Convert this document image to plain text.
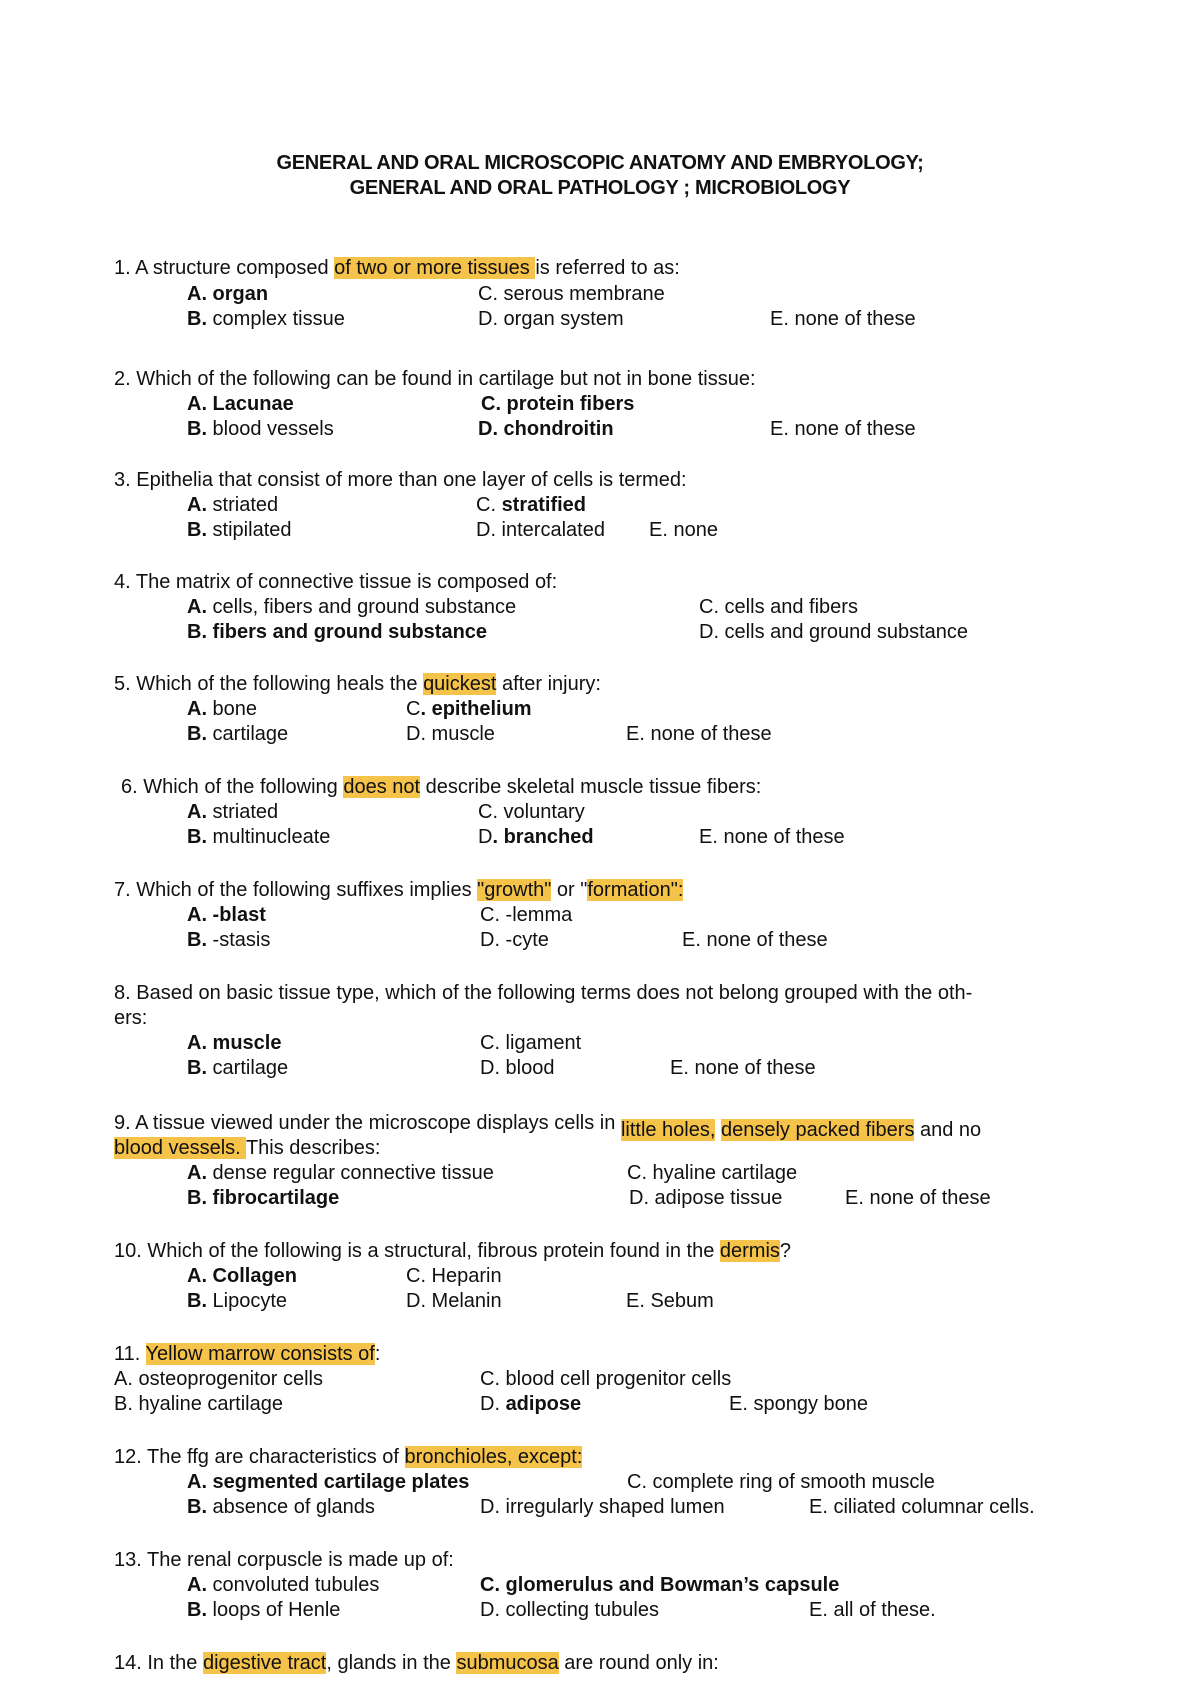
GENERAL AND ORAL MICROSCOPIC ANATOMY AND EMBRYOLOGY;
GENERAL AND ORAL PATHOLOGY ; MICROBIOLOGY
1. A structure composed of two or more tissues is referred to as:
A. organ	C. serous membrane
B. complex tissue	D. organ system	E. none of these
2. Which of the following can be found in cartilage but not in bone tissue:
A. Lacunae	C. protein fibers
B. blood vessels	D. chondroitin	E. none of these
3. Epithelia that consist of more than one layer of cells is termed:
A. striated	C. stratified
B. stipilated	D. intercalated E. none
4. The matrix of connective tissue is composed of:
A. cells, fibers and ground substance	C. cells and fibers
B. fibers and ground substance	D. cells and ground substance
5. Which of the following heals the quickest after injury:
A. bone	C. epithelium
B. cartilage	D. muscle	E. none of these
6. Which of the following does not describe skeletal muscle tissue fibers:
A. striated	C. voluntary
B. multinucleate	D. branched	E. none of these
7. Which of the following suffixes implies "growth" or "formation":
A. -blast	C. -lemma
B. -stasis	D. -cyte	E. none of these
8. Based on basic tissue type, which of the following terms does not belong grouped with the oth-
ers:
A. muscle	C. ligament
B. cartilage	D. blood	E. none of these
9. A tissue viewed under the microscope displays cells in little holes, densely packed fibers and no
blood vessels. This describes:
A. dense regular connective tissue	C. hyaline cartilage
B. fibrocartilage	D. adipose tissue	E. none of these
10. Which of the following is a structural, fibrous protein found in the dermis?
A. Collagen	C. Heparin
B. Lipocyte	D. Melanin	E. Sebum
11. Yellow marrow consists of:
A. osteoprogenitor cells	C. blood cell progenitor cells
B. hyaline cartilage	D. adipose	E. spongy bone
12. The ffg are characteristics of bronchioles, except:
A. segmented cartilage plates	C. complete ring of smooth muscle
B. absence of glands	D. irregularly shaped lumen	E. ciliated columnar cells.
13. The renal corpuscle is made up of:
A. convoluted tubules	C. glomerulus and Bowman’s capsule
B. loops of Henle	D. collecting tubules	E. all of these.
14. In the digestive tract, glands in the submucosa are round only in:
